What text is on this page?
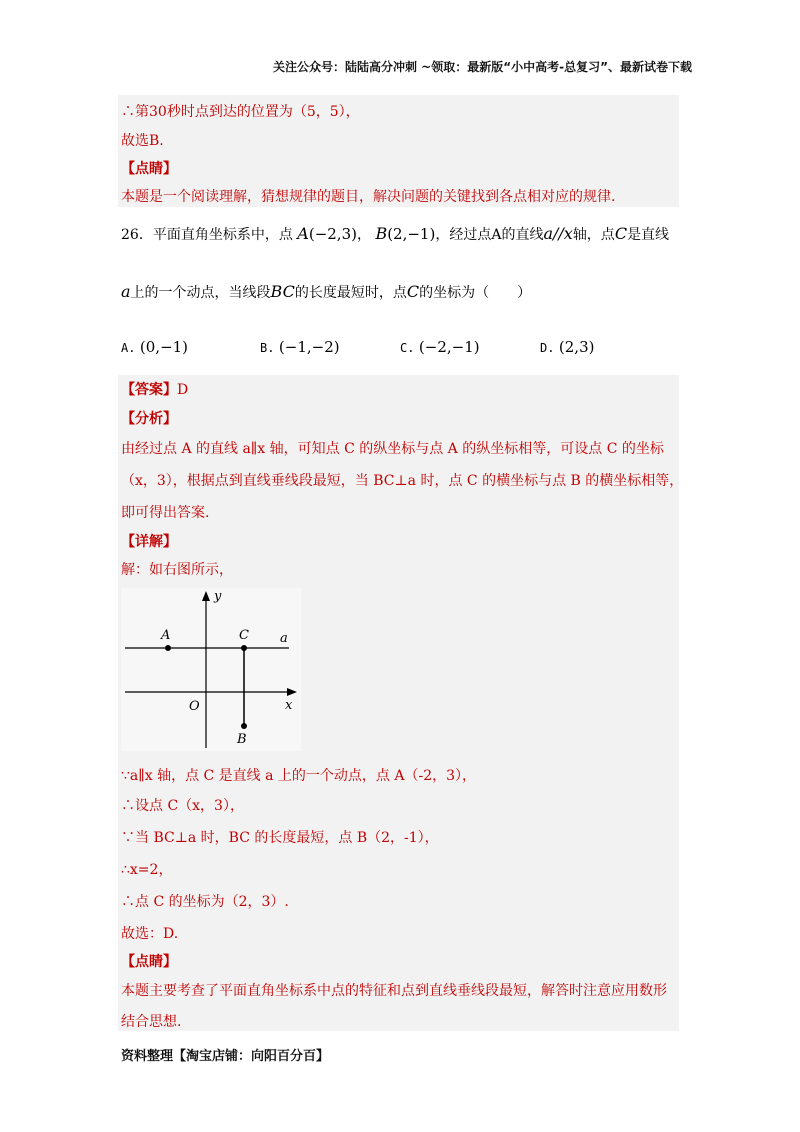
关注公众号：陆陆高分冲刺 ~领取：最新版“小中高考-总复习”、最新试卷下载
∴第30秒时点到达的位置为（5，5），
故选B.
【点睛】
本题是一个阅读理解，猜想规律的题目，解决问题的关键找到各点相对应的规律.
26．平面直角坐标系中，点 A(−2,3)， B(2,−1)，经过点A的直线a//x轴，点C是直线
a上的一个动点，当线段BC的长度最短时，点C的坐标为（　　）
A. (0,−1)	B. (−1,−2)	C. (−2,−1)	D. (2,3)
【答案】D
【分析】
由经过点 A 的直线 a∥x 轴，可知点 C 的纵坐标与点 A 的纵坐标相等，可设点 C 的坐标
（x，3），根据点到直线垂线段最短，当 BC⊥a 时，点 C 的横坐标与点 B 的横坐标相等，
即可得出答案.
【详解】
解：如右图所示，
y
x
O
A	C a
B
∵a∥x 轴，点 C 是直线 a 上的一个动点，点 A（-2，3），
∴设点 C（x，3），
∵当 BC⊥a 时，BC 的长度最短，点 B（2，-1），
∴x=2，
∴点 C 的坐标为（2，3）.
故选：D.
【点睛】
本题主要考查了平面直角坐标系中点的特征和点到直线垂线段最短，解答时注意应用数形
结合思想.
资料整理【淘宝店铺：向阳百分百】
